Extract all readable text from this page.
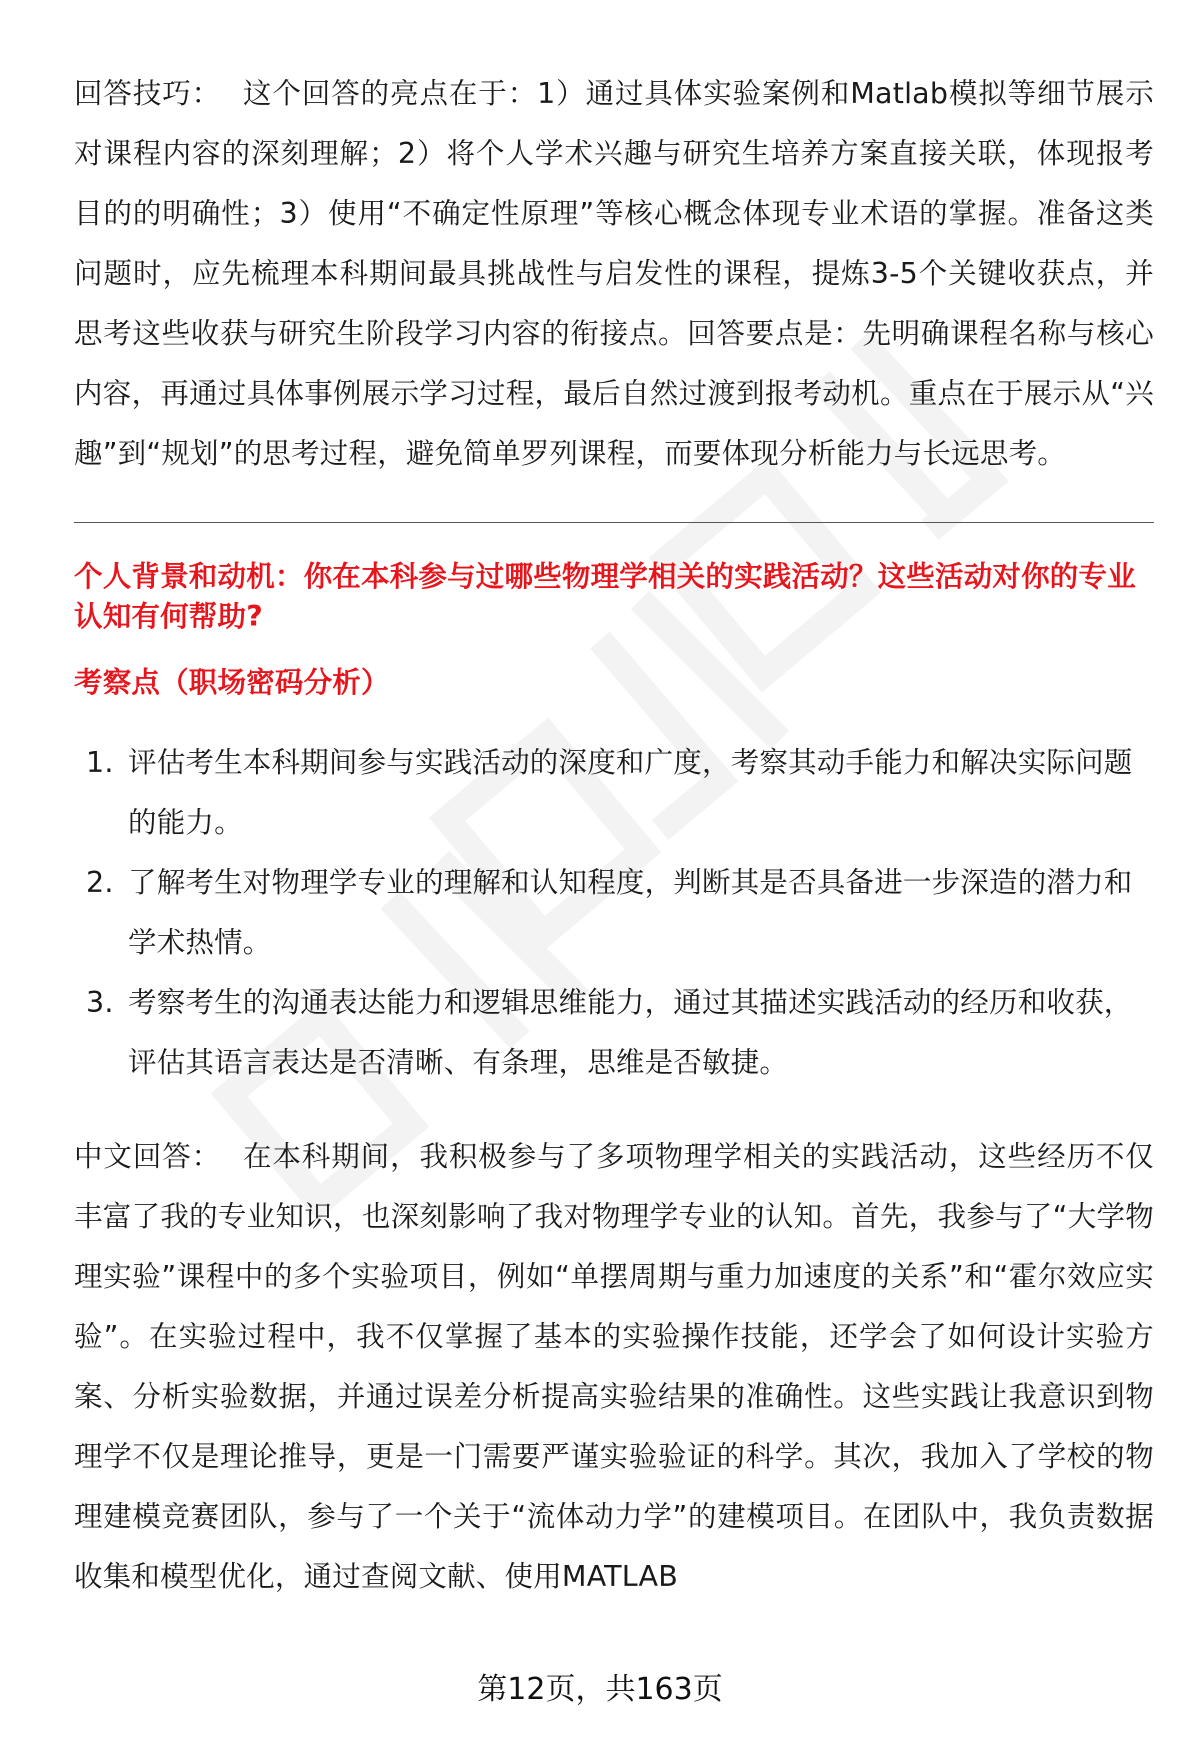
回答技巧： 这个回答的亮点在于：1）通过具体实验案例和Matlab模拟等细节展示对课程内容的深刻理解；2）将个人学术兴趣与研究生培养方案直接关联，体现报考目的的明确性；3）使用“不确定性原理”等核心概念体现专业术语的掌握。准备这类问题时，应先梳理本科期间最具挑战性与启发性的课程，提炼3-5个关键收获点，并思考这些收获与研究生阶段学习内容的衔接点。回答要点是：先明确课程名称与核心内容，再通过具体事例展示学习过程，最后自然过渡到报考动机。重点在于展示从“兴趣”到“规划”的思考过程，避免简单罗列课程，而要体现分析能力与长远思考。

个人背景和动机：你在本科参与过哪些物理学相关的实践活动？这些活动对你的专业认知有何帮助?

考察点（职场密码分析）

1. 评估考生本科期间参与实践活动的深度和广度，考察其动手能力和解决实际问题的能力。
2. 了解考生对物理学专业的理解和认知程度，判断其是否具备进一步深造的潜力和学术热情。
3. 考察考生的沟通表达能力和逻辑思维能力，通过其描述实践活动的经历和收获，评估其语言表达是否清晰、有条理，思维是否敏捷。

中文回答： 在本科期间，我积极参与了多项物理学相关的实践活动，这些经历不仅丰富了我的专业知识，也深刻影响了我对物理学专业的认知。首先，我参与了“大学物理实验”课程中的多个实验项目，例如“单摆周期与重力加速度的关系”和“霍尔效应实验”。在实验过程中，我不仅掌握了基本的实验操作技能，还学会了如何设计实验方案、分析实验数据，并通过误差分析提高实验结果的准确性。这些实践让我意识到物理学不仅是理论推导，更是一门需要严谨实验验证的科学。其次，我加入了学校的物理建模竞赛团队，参与了一个关于“流体动力学”的建模项目。在团队中，我负责数据收集和模型优化，通过查阅文献、使用MATLAB

第12页，共163页
